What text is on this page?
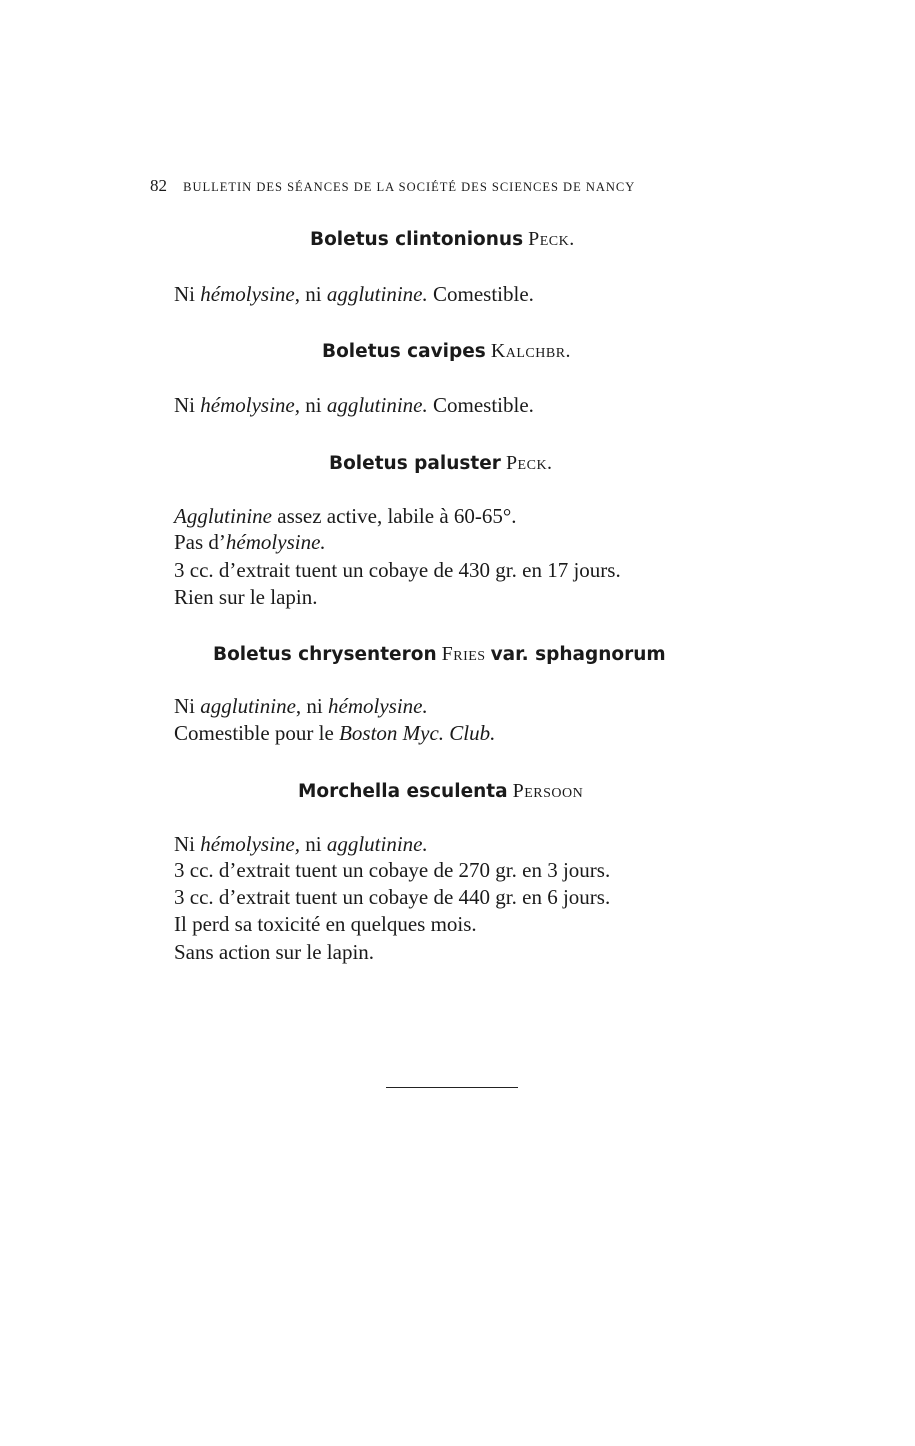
82 BULLETIN DES SÉANCES DE LA SOCIÉTÉ DES SCIENCES DE NANCY
Boletus clintonionus Peck.
Ni hémolysine, ni agglutinine. Comestible.
Boletus cavipes Kalchbr.
Ni hémolysine, ni agglutinine. Comestible.
Boletus paluster Peck.
Agglutinine assez active, labile à 60-65°.
Pas d’hémolysine.
3 cc. d’extrait tuent un cobaye de 430 gr. en 17 jours.
Rien sur le lapin.
Boletus chrysenteron Fries var. sphagnorum
Ni agglutinine, ni hémolysine.
Comestible pour le Boston Myc. Club.
Morchella esculenta Persoon
Ni hémolysine, ni agglutinine.
3 cc. d’extrait tuent un cobaye de 270 gr. en 3 jours.
3 cc. d’extrait tuent un cobaye de 440 gr. en 6 jours.
Il perd sa toxicité en quelques mois.
Sans action sur le lapin.
